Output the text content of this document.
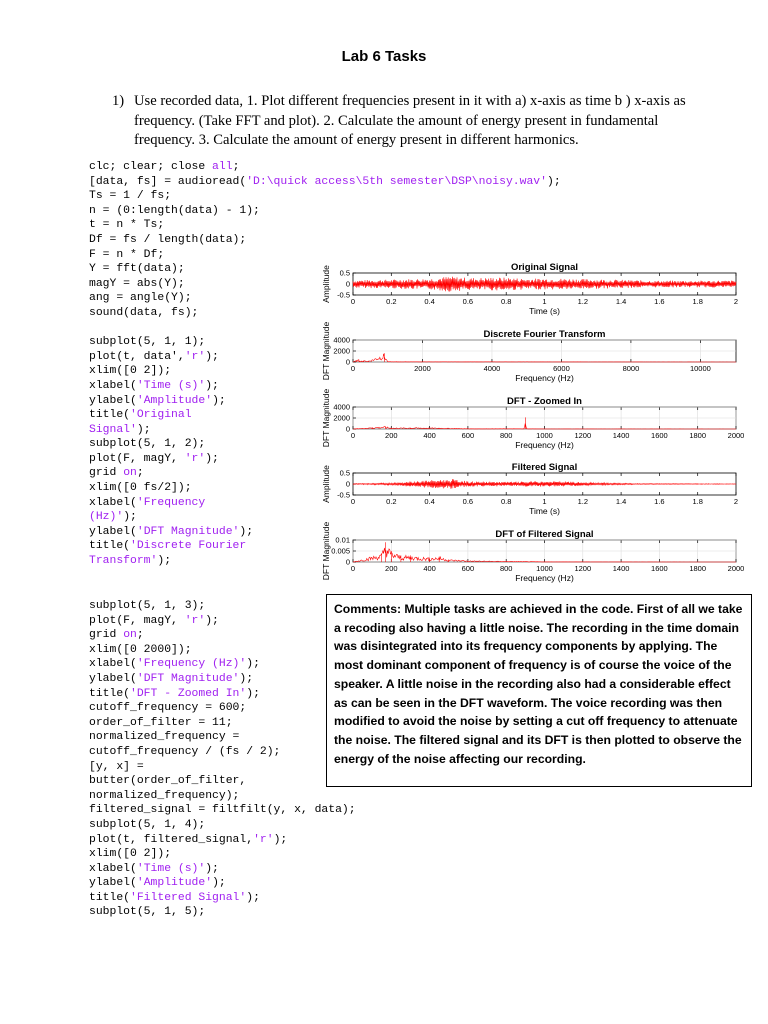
Lab 6 Tasks
1) Use recorded data, 1. Plot different frequencies present in it with a) x-axis as time b ) x-axis as frequency. (Take FFT and plot). 2. Calculate the amount of energy present in fundamental frequency. 3. Calculate the amount of energy present in different harmonics.
clc; clear; close all;
[data, fs] = audioread('D:\quick access\5th semester\DSP\noisy.wav');
Ts = 1 / fs;
n = (0:length(data) - 1);
t = n * Ts;
Df = fs / length(data);
F = n * Df;
Y = fft(data);
magY = abs(Y);
ang = angle(Y);
sound(data, fs);
subplot(5, 1, 1);
plot(t, data','r');
xlim([0 2]);
xlabel('Time (s)');
ylabel('Amplitude');
title('Original
Signal');
subplot(5, 1, 2);
plot(F, magY, 'r');
grid on;
xlim([0 fs/2]);
xlabel('Frequency
(Hz)');
ylabel('DFT Magnitude');
title('Discrete Fourier
Transform');
subplot(5, 1, 3);
plot(F, magY, 'r');
grid on;
xlim([0 2000]);
xlabel('Frequency (Hz)');
ylabel('DFT Magnitude');
title('DFT - Zoomed In');
cutoff_frequency = 600;
order_of_filter = 11;
normalized_frequency =
cutoff_frequency / (fs / 2);
[y, x] =
butter(order_of_filter,
normalized_frequency);
filtered_signal = filtfilt(y, x, data);
subplot(5, 1, 4);
plot(t, filtered_signal,'r');
xlim([0 2]);
xlabel('Time (s)');
ylabel('Amplitude');
title('Filtered Signal');
subplot(5, 1, 5);
Original Signal
0	0.2	0.4	0.6	0.8	1	1.2	1.4	1.6	1.8	2
-0.5
0
0.5
Time (s)
Amplitude
Discrete Fourier Transform
0	2000	4000	6000	8000	10000
0
2000
4000
Frequency (Hz)
DFT Magnitude
DFT - Zoomed In
0	200	400	600	800	1000	1200	1400	1600	1800	2000
0
2000
4000
Frequency (Hz)
DFT Magnitude
Filtered Signal
0	0.2	0.4	0.6	0.8	1	1.2	1.4	1.6	1.8	2
-0.5
0
0.5
Time (s)
Amplitude
DFT of Filtered Signal
0	200	400	600	800	1000	1200	1400	1600	1800	2000
0
0.005
0.01
Frequency (Hz)
DFT Magnitude
Comments: Multiple tasks are achieved in the code. First of all we take a recoding also having a little noise. The recording in the time domain was disintegrated into its frequency components by applying. The most dominant component of frequency is of course the voice of the speaker. A little noise in the recording also had a considerable effect as can be seen in the DFT waveform. The voice recording was then modified to avoid the noise by setting a cut off frequency to attenuate the noise. The filtered signal and its DFT is then plotted to observe the energy of the noise affecting our recording.
